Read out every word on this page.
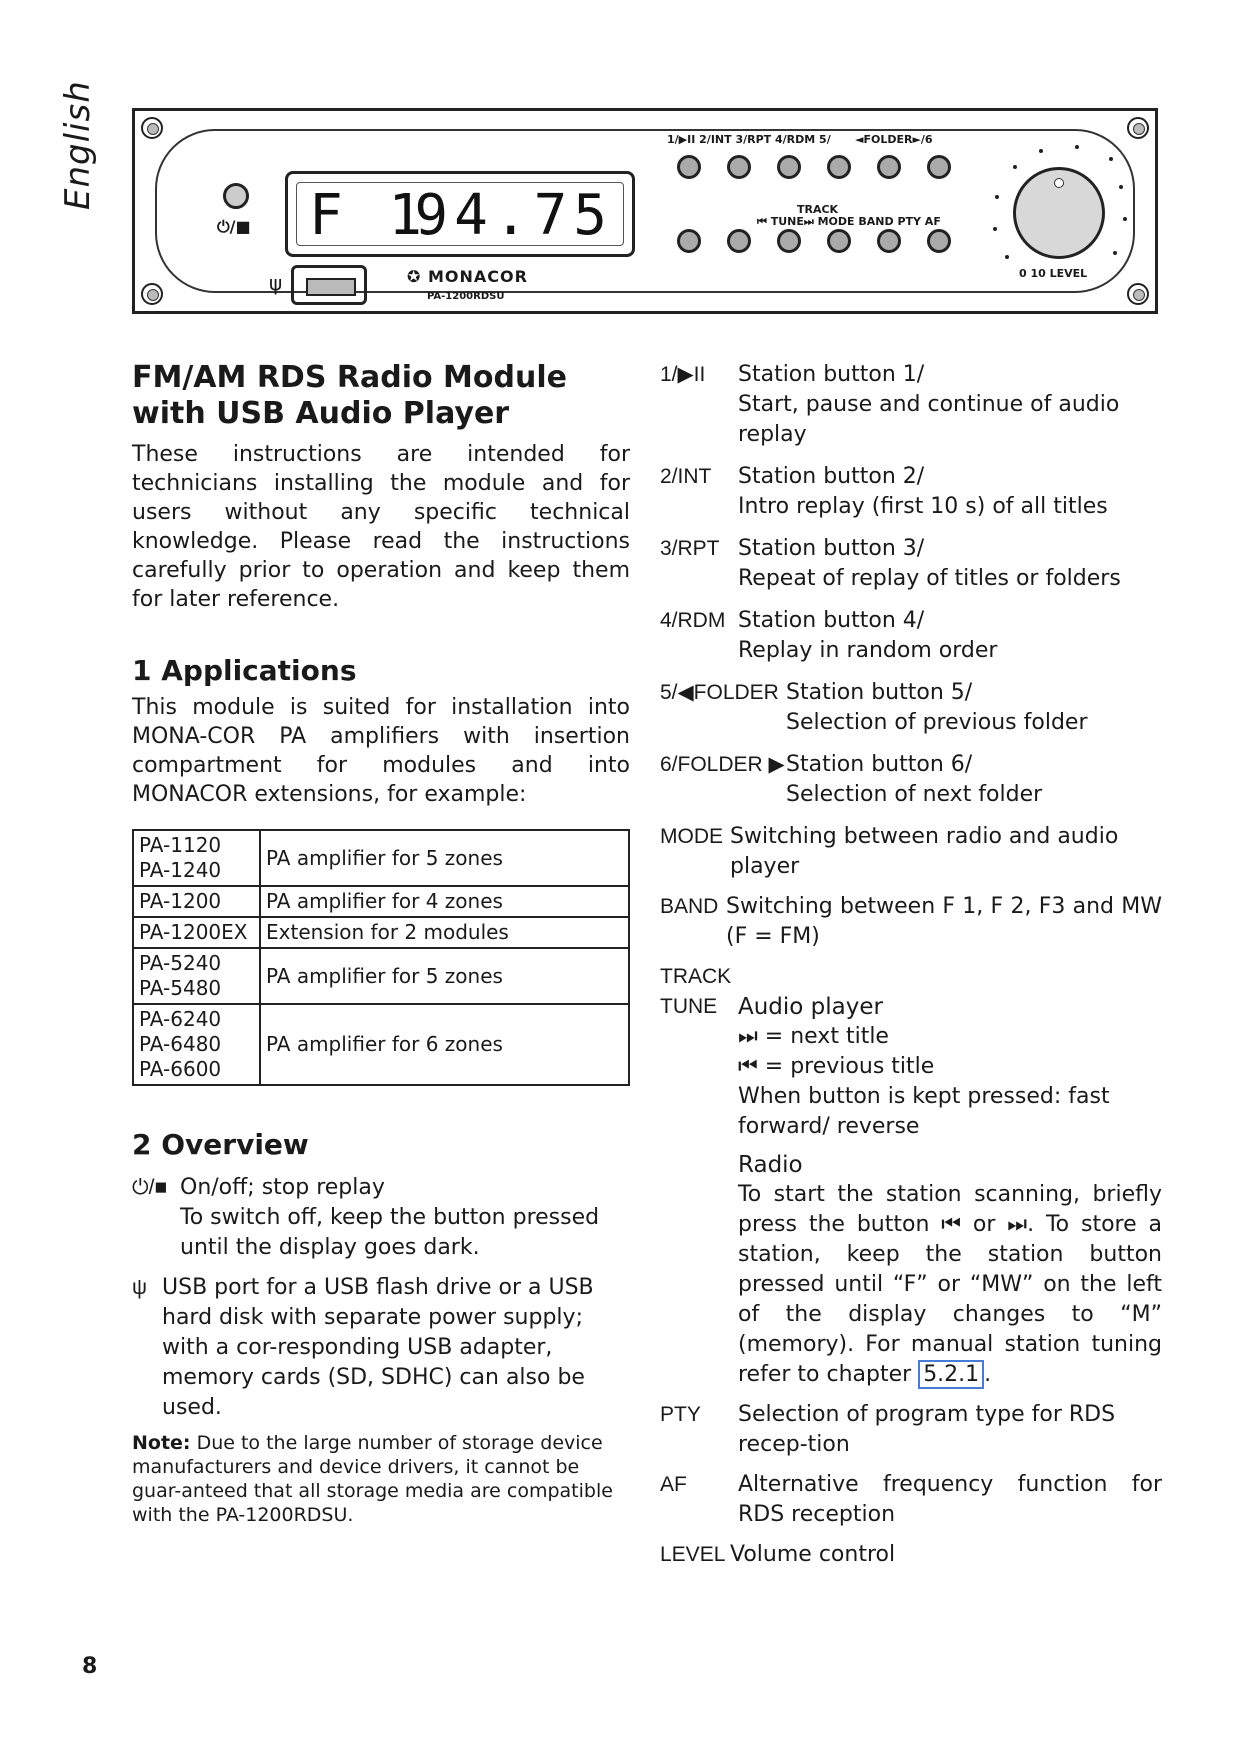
English
⏻/■ F 1
94.75
ψ	✪ MONACOR
PA-1200RDSU
1/▶II 2/INT 3/RPT 4/RDM 5/ ◄FOLDER►/6
TRACK
⏮ TUNE⏭ MODE BAND PTY AF
0 10 LEVEL
FM/AM RDS Radio Module with USB Audio Player

These instructions are intended for technicians installing the module and for users without any specific technical knowledge. Please read the instructions carefully prior to operation and keep them for later reference.

1 Applications

This module is suited for installation into MONA-COR PA amplifiers with insertion compartment for modules and into MONACOR extensions, for example:

PA-1120
PA-1240	PA amplifier for 5 zones
PA-1200	PA amplifier for 4 zones
PA-1200EX	Extension for 2 modules
PA-5240
PA-5480	PA amplifier for 5 zones
PA-6240
PA-6480
PA-6600	PA amplifier for 6 zones
2 Overview
⏻/■ On/off; stop replay
To switch off, keep the button pressed until the display goes dark.
ψ USB port for a USB flash drive or a USB hard disk with separate power supply; with a cor-responding USB adapter, memory cards (SD, SDHC) can also be used.
Note: Due to the large number of storage device manufacturers and device drivers, it cannot be guar-anteed that all storage media are compatible with the PA-1200RDSU.
1/▶II Station button 1/
Start, pause and continue of audio replay
2/INT Station button 2/
Intro replay (first 10 s) of all titles
3/RPT Station button 3/
Repeat of replay of titles or folders
4/RDM Station button 4/
Replay in random order
5/◀FOLDER Station button 5/
Selection of previous folder
6/FOLDER ▶ Station button 6/
Selection of next folder
MODE Switching between radio and audio player
BAND Switching between F 1, F 2, F3 and MW (F = FM)
TRACK
TUNE Audio player
⏭ = next title
⏮ = previous title
When button is kept pressed: fast forward/ reverse
Radio
To start the station scanning, briefly press the button ⏮ or ⏭. To store a station, keep the station button pressed until “F” or “MW” on the left of the display changes to “M” (memory). For manual station tuning refer to chapter 5.2.1 .
PTY Selection of program type for RDS recep-tion
AF Alternative frequency function for RDS reception
LEVEL Volume control
8
